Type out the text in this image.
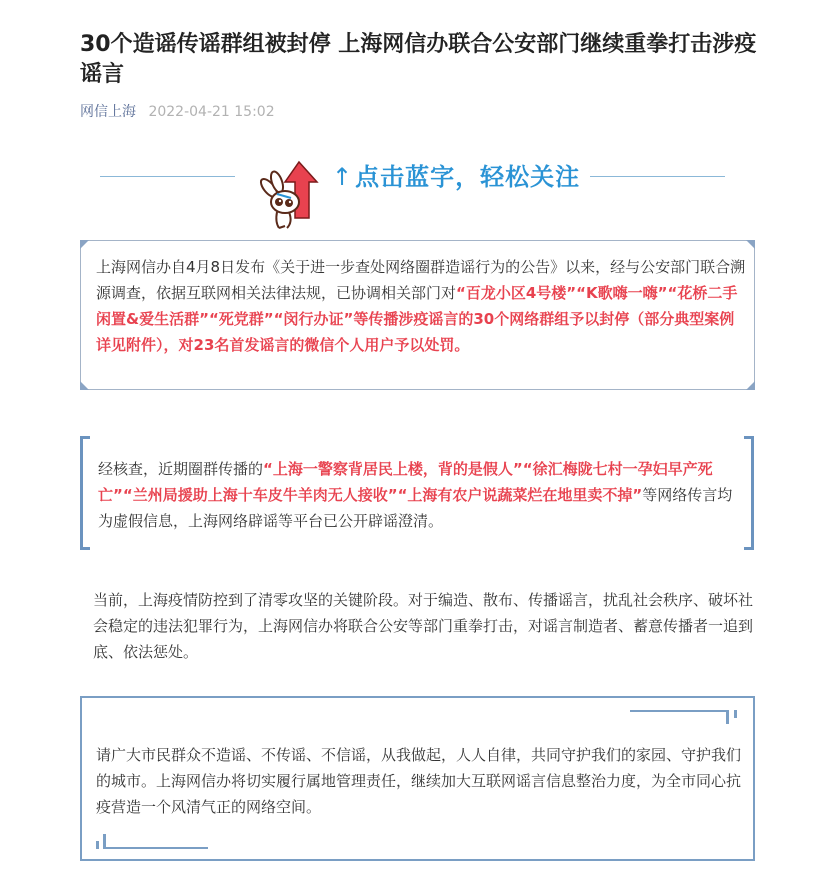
30个造谣传谣群组被封停 上海网信办联合公安部门继续重拳打击涉疫谣言
网信上海 2022-04-21 15:02
↑点击蓝字，轻松关注

上海网信办自4月8日发布《关于进一步查处网络圈群造谣行为的公告》以来，经与公安部门联合溯源调查，依据互联网相关法律法规，已协调相关部门对“百龙小区4号楼”“K歌嗨一嗨”“花桥二手闲置&爱生活群”“死党群”“闵行办证”等传播涉疫谣言的30个网络群组予以封停（部分典型案例详见附件），对23名首发谣言的微信个人用户予以处罚。

经核查，近期圈群传播的“上海一警察背居民上楼，背的是假人”“徐汇梅陇七村一孕妇早产死亡”“兰州局援助上海十车皮牛羊肉无人接收”“上海有农户说蔬菜烂在地里卖不掉”等网络传言均为虚假信息，上海网络辟谣等平台已公开辟谣澄清。

当前，上海疫情防控到了清零攻坚的关键阶段。对于编造、散布、传播谣言，扰乱社会秩序、破坏社会稳定的违法犯罪行为，上海网信办将联合公安等部门重拳打击，对谣言制造者、蓄意传播者一追到底、依法惩处。

请广大市民群众不造谣、不传谣、不信谣，从我做起，人人自律，共同守护我们的家园、守护我们的城市。上海网信办将切实履行属地管理责任，继续加大互联网谣言信息整治力度，为全市同心抗疫营造一个风清气正的网络空间。
